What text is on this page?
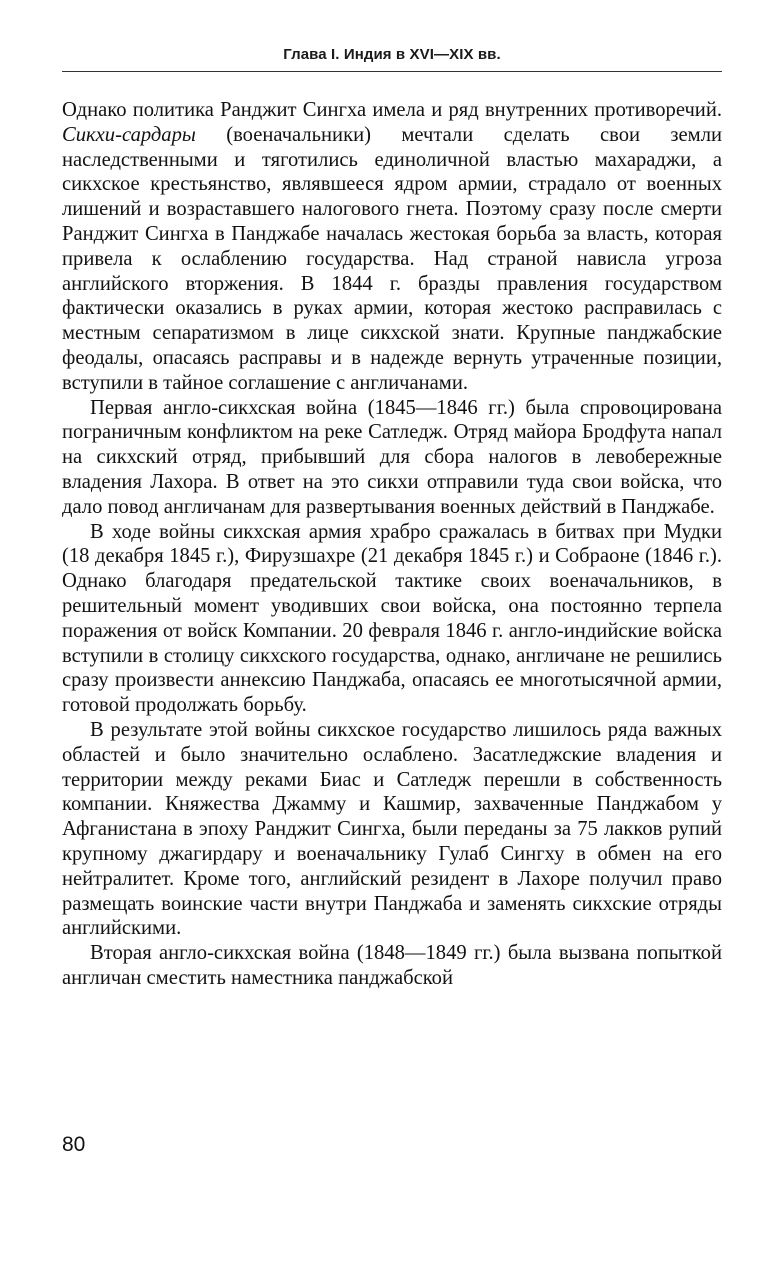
Глава I. Индия в XVI—XIX вв.

Однако политика Ранджит Сингха имела и ряд внутренних противоречий. Сикхи-сардары (военачальники) мечтали сделать свои земли наследственными и тяготились единоличной властью махараджи, а сикхское крестьянство, являвшееся ядром армии, страдало от военных лишений и возраставшего налогового гнета. Поэтому сразу после смерти Ранджит Сингха в Панджабе началась жестокая борьба за власть, которая привела к ослаблению государства. Над страной нависла угроза английского вторжения. В 1844 г. бразды правления государством фактически оказались в руках армии, которая жестоко расправилась с местным сепаратизмом в лице сикхской знати. Крупные панджабские феодалы, опасаясь расправы и в надежде вернуть утраченные позиции, вступили в тайное соглашение с англичанами.

Первая англо-сикхская война (1845—1846 гг.) была спровоцирована пограничным конфликтом на реке Сатледж. Отряд майора Бродфута напал на сикхский отряд, прибывший для сбора налогов в левобережные владения Лахора. В ответ на это сикхи отправили туда свои войска, что дало повод англичанам для развертывания военных действий в Панджабе.

В ходе войны сикхская армия храбро сражалась в битвах при Мудки (18 декабря 1845 г.), Фирузшахре (21 декабря 1845 г.) и Собраоне (1846 г.). Однако благодаря предательской тактике своих военачальников, в решительный момент уводивших свои войска, она постоянно терпела поражения от войск Компании. 20 февраля 1846 г. англо-индийские войска вступили в столицу сикхского государства, однако, англичане не решились сразу произвести аннексию Панджаба, опасаясь ее многотысячной армии, готовой продолжать борьбу.

В результате этой войны сикхское государство лишилось ряда важных областей и было значительно ослаблено. Засатледжские владения и территории между реками Биас и Сатледж перешли в собственность компании. Княжества Джамму и Кашмир, захваченные Панджабом у Афганистана в эпоху Ранджит Сингха, были переданы за 75 лакков рупий крупному джагирдару и военачальнику Гулаб Сингху в обмен на его нейтралитет. Кроме того, английский резидент в Лахоре получил право размещать воинские части внутри Панджаба и заменять сикхские отряды английскими.

Вторая англо-сикхская война (1848—1849 гг.) была вызвана попыткой англичан сместить наместника панджабской

80
